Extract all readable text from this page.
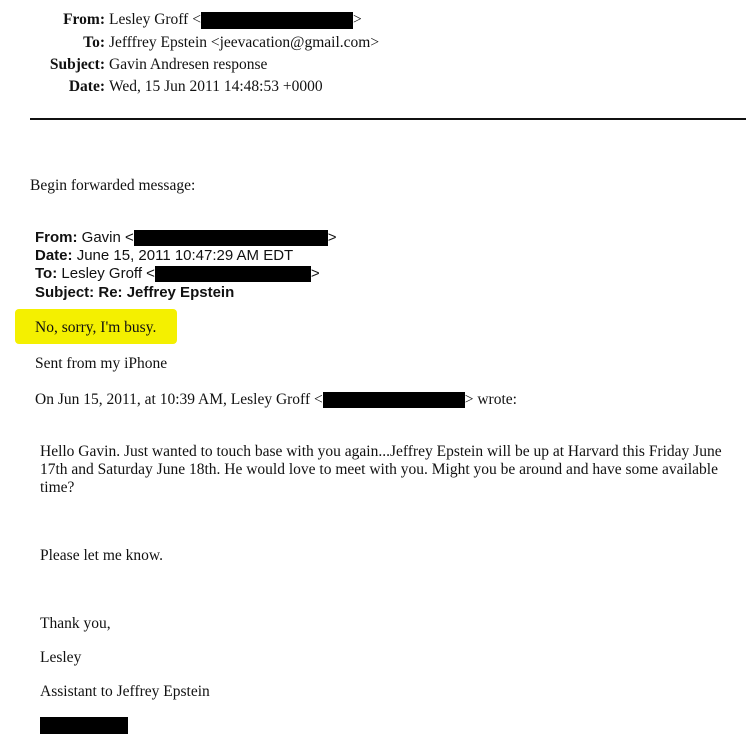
From: Lesley Groff <	>
To: Jefffrey Epstein <jeevacation@gmail.com>
Subject: Gavin Andresen response
Date: Wed, 15 Jun 2011 14:48:53 +0000
Begin forwarded message:
From: Gavin <	>
Date: June 15, 2011 10:47:29 AM EDT
To: Lesley Groff <	>
Subject: Re: Jeffrey Epstein
No, sorry, I'm busy.
Sent from my iPhone
On Jun 15, 2011, at 10:39 AM, Lesley Groff <	> wrote:
Hello Gavin. Just wanted to touch base with you again...Jeffrey Epstein will be up at Harvard this Friday June 17th and Saturday June 18th. He would love to meet with you. Might you be around and have some available time?
Please let me know.
Thank you,
Lesley
Assistant to Jeffrey Epstein
